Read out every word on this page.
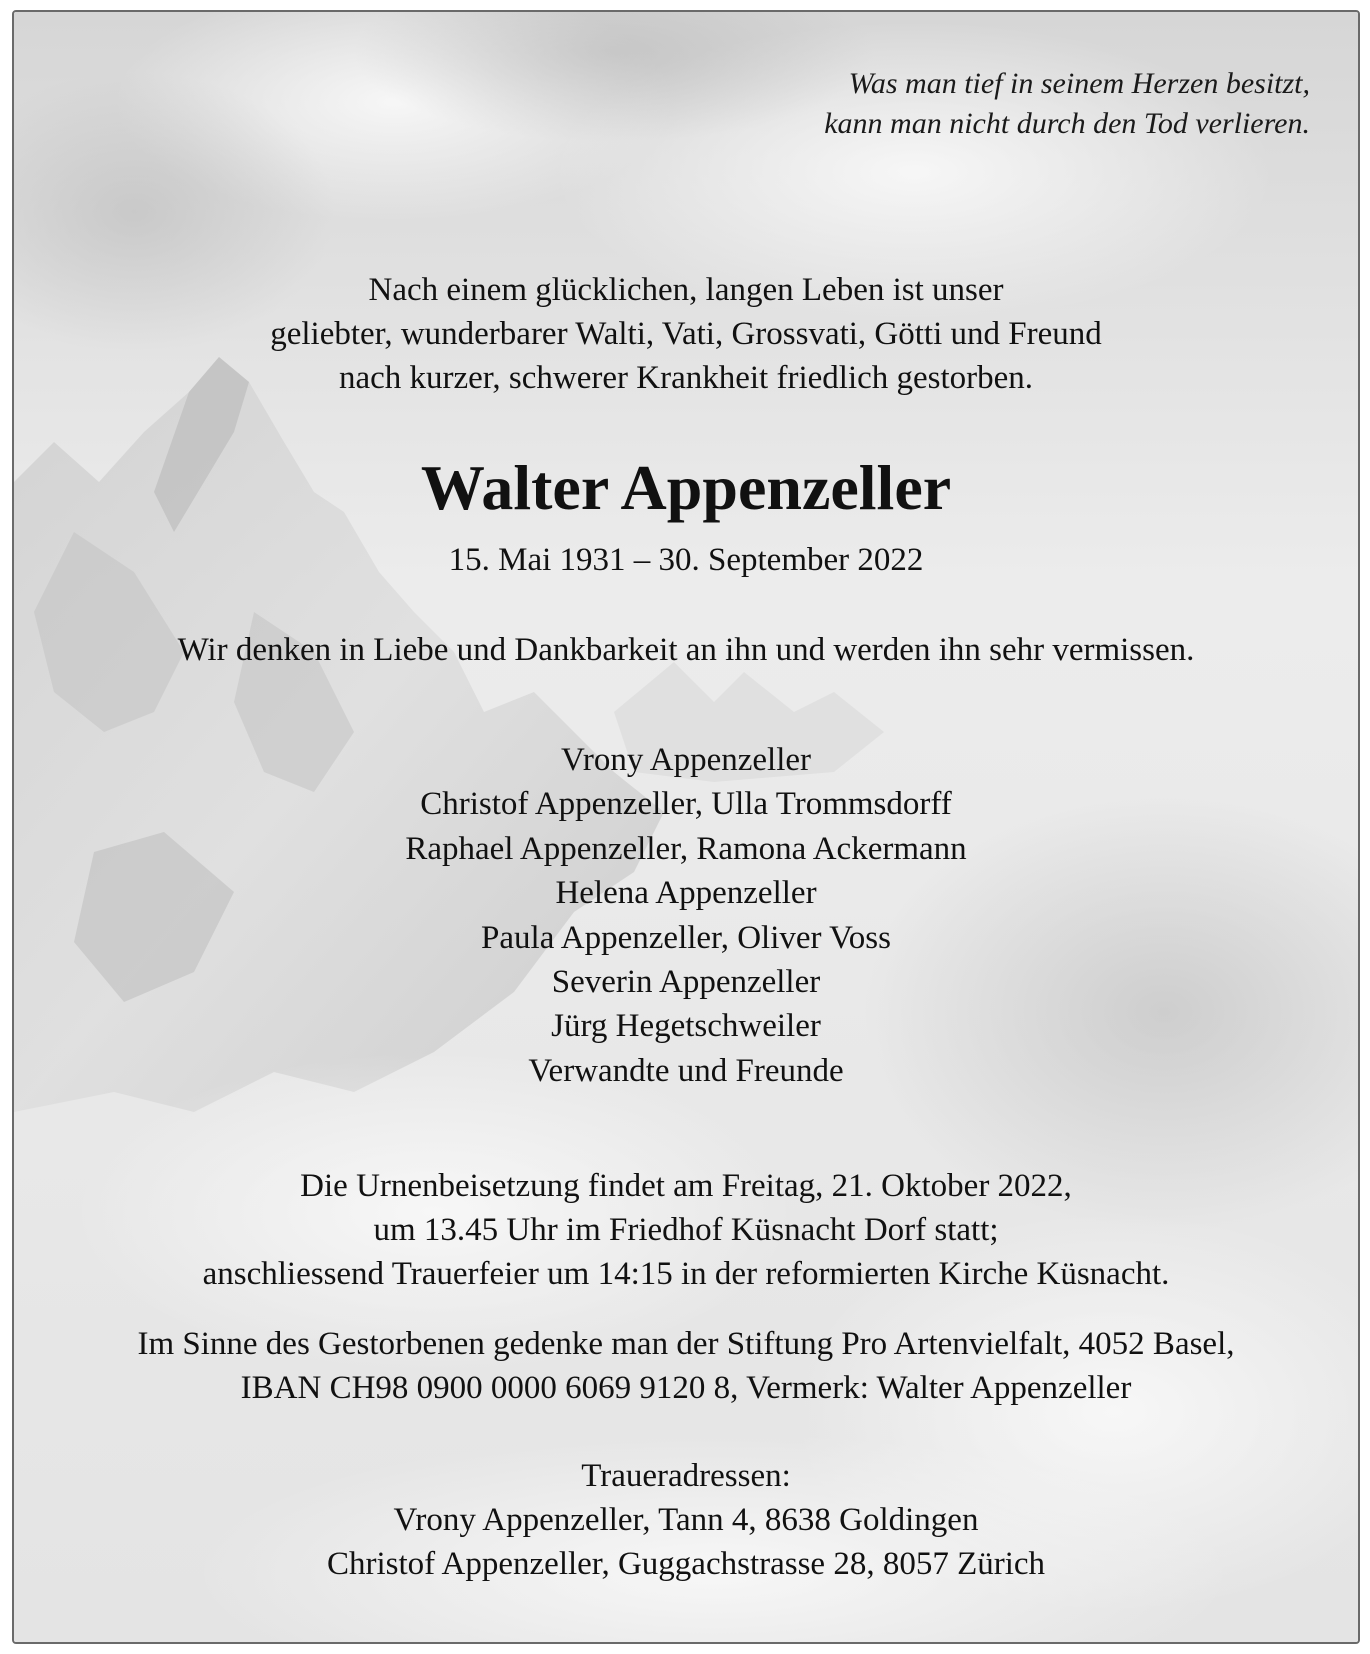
Was man tief in seinem Herzen besitzt,
kann man nicht durch den Tod verlieren.
Nach einem glücklichen, langen Leben ist unser
geliebter, wunderbarer Walti, Vati, Grossvati, Götti und Freund
nach kurzer, schwerer Krankheit friedlich gestorben.
Walter Appenzeller
15. Mai 1931 – 30. September 2022
Wir denken in Liebe und Dankbarkeit an ihn und werden ihn sehr vermissen.
Vrony Appenzeller
Christof Appenzeller, Ulla Trommsdorff
Raphael Appenzeller, Ramona Ackermann
Helena Appenzeller
Paula Appenzeller, Oliver Voss
Severin Appenzeller
Jürg Hegetschweiler
Verwandte und Freunde
Die Urnenbeisetzung findet am Freitag, 21. Oktober 2022,
um 13.45 Uhr im Friedhof Küsnacht Dorf statt;
anschliessend Trauerfeier um 14:15 in der reformierten Kirche Küsnacht.
Im Sinne des Gestorbenen gedenke man der Stiftung Pro Artenvielfalt, 4052 Basel,
IBAN CH98 0900 0000 6069 9120 8, Vermerk: Walter Appenzeller
Traueradressen:
Vrony Appenzeller, Tann 4, 8638 Goldingen
Christof Appenzeller, Guggachstrasse 28, 8057 Zürich
